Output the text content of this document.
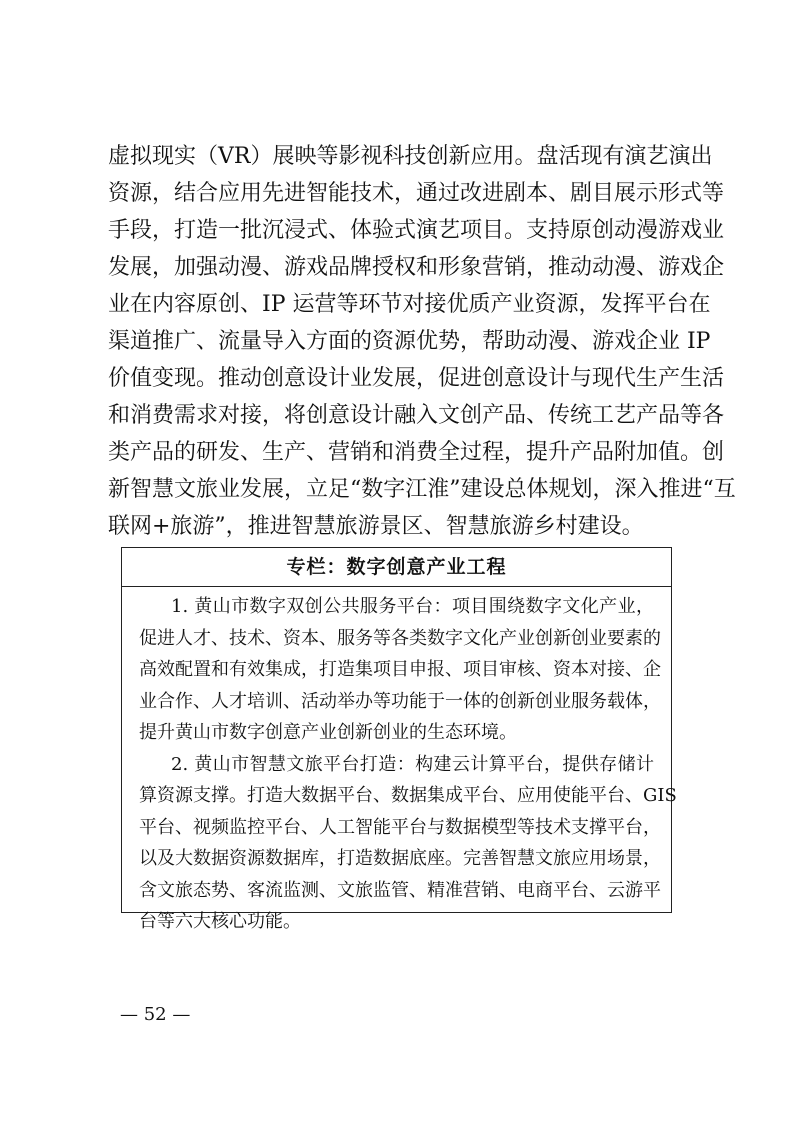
虚拟现实（VR）展映等影视科技创新应用。盘活现有演艺演出
资源，结合应用先进智能技术，通过改进剧本、剧目展示形式等
手段，打造一批沉浸式、体验式演艺项目。支持原创动漫游戏业
发展，加强动漫、游戏品牌授权和形象营销，推动动漫、游戏企
业在内容原创、IP 运营等环节对接优质产业资源，发挥平台在
渠道推广、流量导入方面的资源优势，帮助动漫、游戏企业 IP
价值变现。推动创意设计业发展，促进创意设计与现代生产生活
和消费需求对接，将创意设计融入文创产品、传统工艺产品等各
类产品的研发、生产、营销和消费全过程，提升产品附加值。创
新智慧文旅业发展，立足“数字江淮”建设总体规划，深入推进“互
联网+旅游”，推进智慧旅游景区、智慧旅游乡村建设。
专栏：数字创意产业工程
1. 黄山市数字双创公共服务平台：项目围绕数字文化产业，
促进人才、技术、资本、服务等各类数字文化产业创新创业要素的
高效配置和有效集成，打造集项目申报、项目审核、资本对接、企
业合作、人才培训、活动举办等功能于一体的创新创业服务载体，
提升黄山市数字创意产业创新创业的生态环境。
2. 黄山市智慧文旅平台打造：构建云计算平台，提供存储计
算资源支撑。打造大数据平台、数据集成平台、应用使能平台、GIS
平台、视频监控平台、人工智能平台与数据模型等技术支撑平台，
以及大数据资源数据库，打造数据底座。完善智慧文旅应用场景，
含文旅态势、客流监测、文旅监管、精准营销、电商平台、云游平
台等六大核心功能。
— 52 —
